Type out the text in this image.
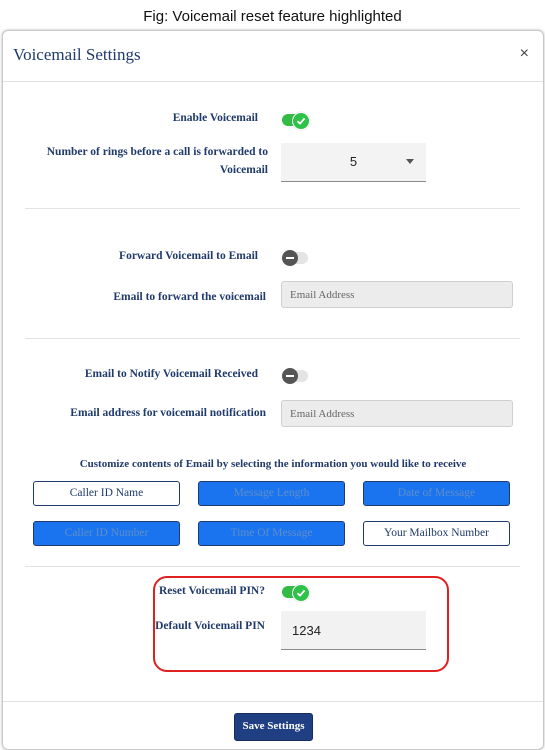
Fig: Voicemail reset feature highlighted
Voicemail Settings	×
Enable Voicemail
Number of rings before a call is forwarded to
Voicemail
5
Forward Voicemail to Email
Email to forward the voicemail	Email Address
Email to Notify Voicemail Received
Email address for voicemail notification	Email Address
Customize contents of Email by selecting the information you would like to receive
Caller ID Name	Message Length	Date of Message
Caller ID Number	Time Of Message	Your Mailbox Number
Reset Voicemail PIN?
Default Voicemail PIN 1234
Save Settings
